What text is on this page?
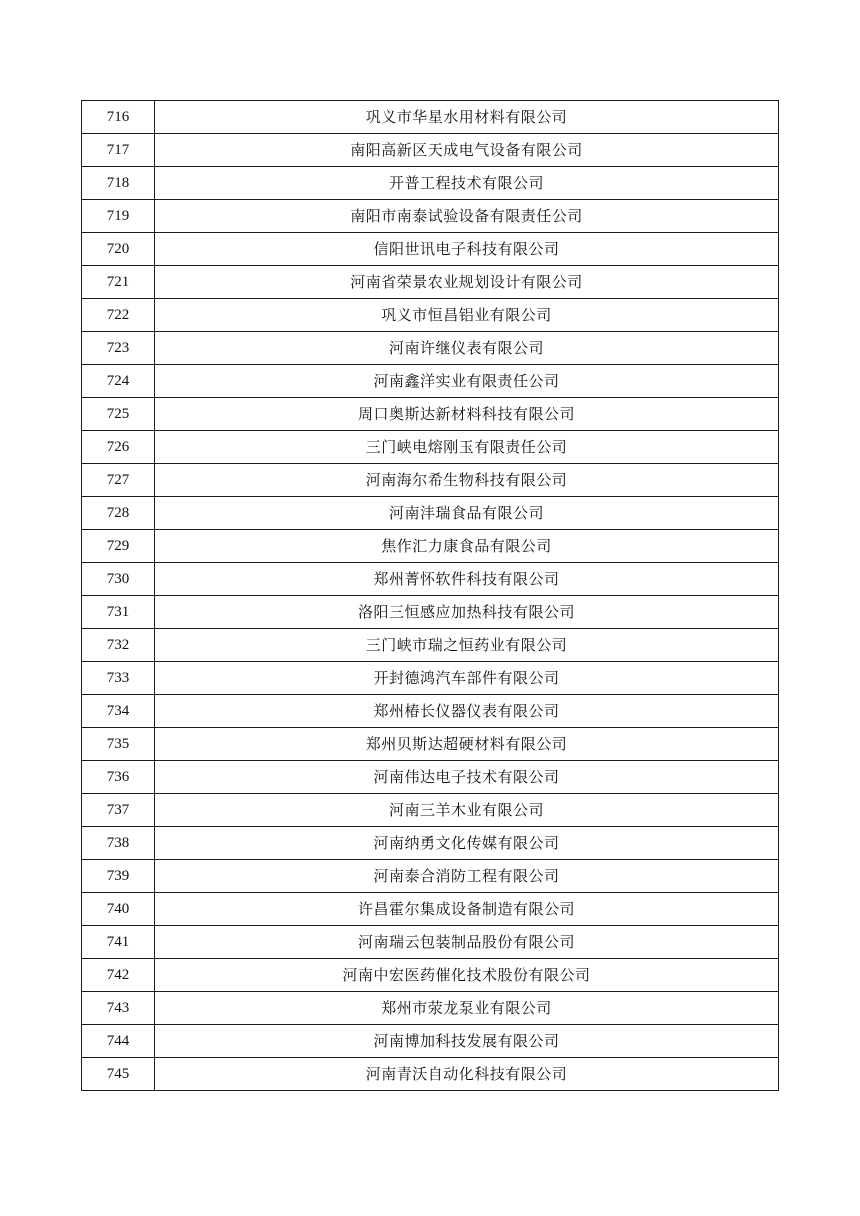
716	巩义市华星水用材料有限公司
717	南阳高新区天成电气设备有限公司
718	开普工程技术有限公司
719	南阳市南泰试验设备有限责任公司
720	信阳世讯电子科技有限公司
721	河南省荣景农业规划设计有限公司
722	巩义市恒昌铝业有限公司
723	河南许继仪表有限公司
724	河南鑫洋实业有限责任公司
725	周口奥斯达新材料科技有限公司
726	三门峡电熔刚玉有限责任公司
727	河南海尔希生物科技有限公司
728	河南沣瑞食品有限公司
729	焦作汇力康食品有限公司
730	郑州菁怀软件科技有限公司
731	洛阳三恒感应加热科技有限公司
732	三门峡市瑞之恒药业有限公司
733	开封德鸿汽车部件有限公司
734	郑州椿长仪器仪表有限公司
735	郑州贝斯达超硬材料有限公司
736	河南伟达电子技术有限公司
737	河南三羊木业有限公司
738	河南纳勇文化传媒有限公司
739	河南泰合消防工程有限公司
740	许昌霍尔集成设备制造有限公司
741	河南瑞云包装制品股份有限公司
742	河南中宏医药催化技术股份有限公司
743	郑州市荥龙泵业有限公司
744	河南博加科技发展有限公司
745	河南青沃自动化科技有限公司
